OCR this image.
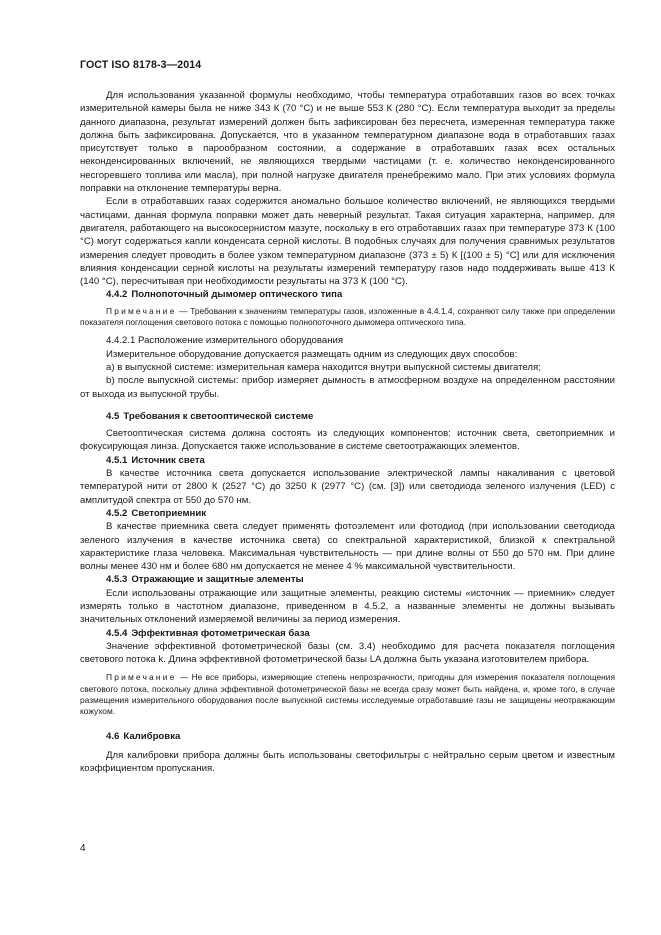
ГОСТ ISO 8178-3—2014

Для использования указанной формулы необходимо, чтобы температура отработавших газов во всех точках измерительной камеры была не ниже 343 К (70 °С) и не выше 553 К (280 °С). Если температура выходит за пределы данного диапазона, результат измерений должен быть зафиксирован без пересчета, измеренная температура также должна быть зафиксирована. Допускается, что в указанном температурном диапазоне вода в отработавших газах присутствует только в парообразном состоянии, а содержание в отработавших газах всех остальных неконденсированных включений, не являющихся твердыми частицами (т. е. количество неконденсированного несгоревшего топлива или масла), при полной нагрузке двигателя пренебрежимо мало. При этих условиях формула поправки на отклонение температуры верна.

Если в отработавших газах содержится аномально большое количество включений, не являющихся твердыми частицами, данная формула поправки может дать неверный результат. Такая ситуация характерна, например, для двигателя, работающего на высокосернистом мазуте, поскольку в его отработавших газах при температуре 373 К (100 °С) могут содержаться капли конденсата серной кислоты. В подобных случаях для получения сравнимых результатов измерения следует проводить в более узком температурном диапазоне (373 ± 5) К [(100 ± 5) °С] или для исключения влияния конденсации серной кислоты на результаты измерений температуру газов надо поддерживать выше 413 К (140 °С), пересчитывая при необходимости результаты на 373 К (100 °С).

4.4.2 Полнопоточный дымомер оптического типа

Примечание — Требования к значениям температуры газов, изложенные в 4.4.1.4, сохраняют силу также при определении показателя поглощения светового потока с помощью полнопоточного дымомера оптического типа.

4.4.2.1 Расположение измерительного оборудования

Измерительное оборудование допускается размещать одним из следующих двух способов:

а) в выпускной системе: измерительная камера находится внутри выпускной системы двигателя;

b) после выпускной системы: прибор измеряет дымность в атмосферном воздухе на определенном расстоянии от выхода из выпускной трубы.

4.5 Требования к светооптической системе

Светооптическая система должна состоять из следующих компонентов: источник света, светоприемник и фокусирующая линза. Допускается также использование в системе светоотражающих элементов.

4.5.1 Источник света

В качестве источника света допускается использование электрической лампы накаливания с цветовой температурой нити от 2800 К (2527 °С) до 3250 К (2977 °С) (см. [3]) или светодиода зеленого излучения (LED) с амплитудой спектра от 550 до 570 нм.

4.5.2 Светоприемник

В качестве приемника света следует применять фотоэлемент или фотодиод (при использовании светодиода зеленого излучения в качестве источника света) со спектральной характеристикой, близкой к спектральной характеристике глаза человека. Максимальная чувствительность — при длине волны от 550 до 570 нм. При длине волны менее 430 нм и более 680 нм допускается не менее 4 % максимальной чувствительности.

4.5.3 Отражающие и защитные элементы

Если использованы отражающие или защитные элементы, реакцию системы «источник — приемник» следует измерять только в частотном диапазоне, приведенном в 4.5.2, а названные элементы не должны вызывать значительных отклонений измеряемой величины за период измерения.

4.5.4 Эффективная фотометрическая база

Значение эффективной фотометрической базы (см. 3.4) необходимо для расчета показателя поглощения светового потока k. Длина эффективной фотометрической базы LA должна быть указана изготовителем прибора.

Примечание — Не все приборы, измеряющие степень непрозрачности, пригодны для измерения показателя поглощения светового потока, поскольку длина эффективной фотометрической базы не всегда сразу может быть найдена, и, кроме того, в случае размещения измерительного оборудования после выпускной системы исследуемые отработавшие газы не защищены неотражающим кожухом.

4.6 Калибровка

Для калибровки прибора должны быть использованы светофильтры с нейтрально серым цветом и известным коэффициентом пропускания.

4
